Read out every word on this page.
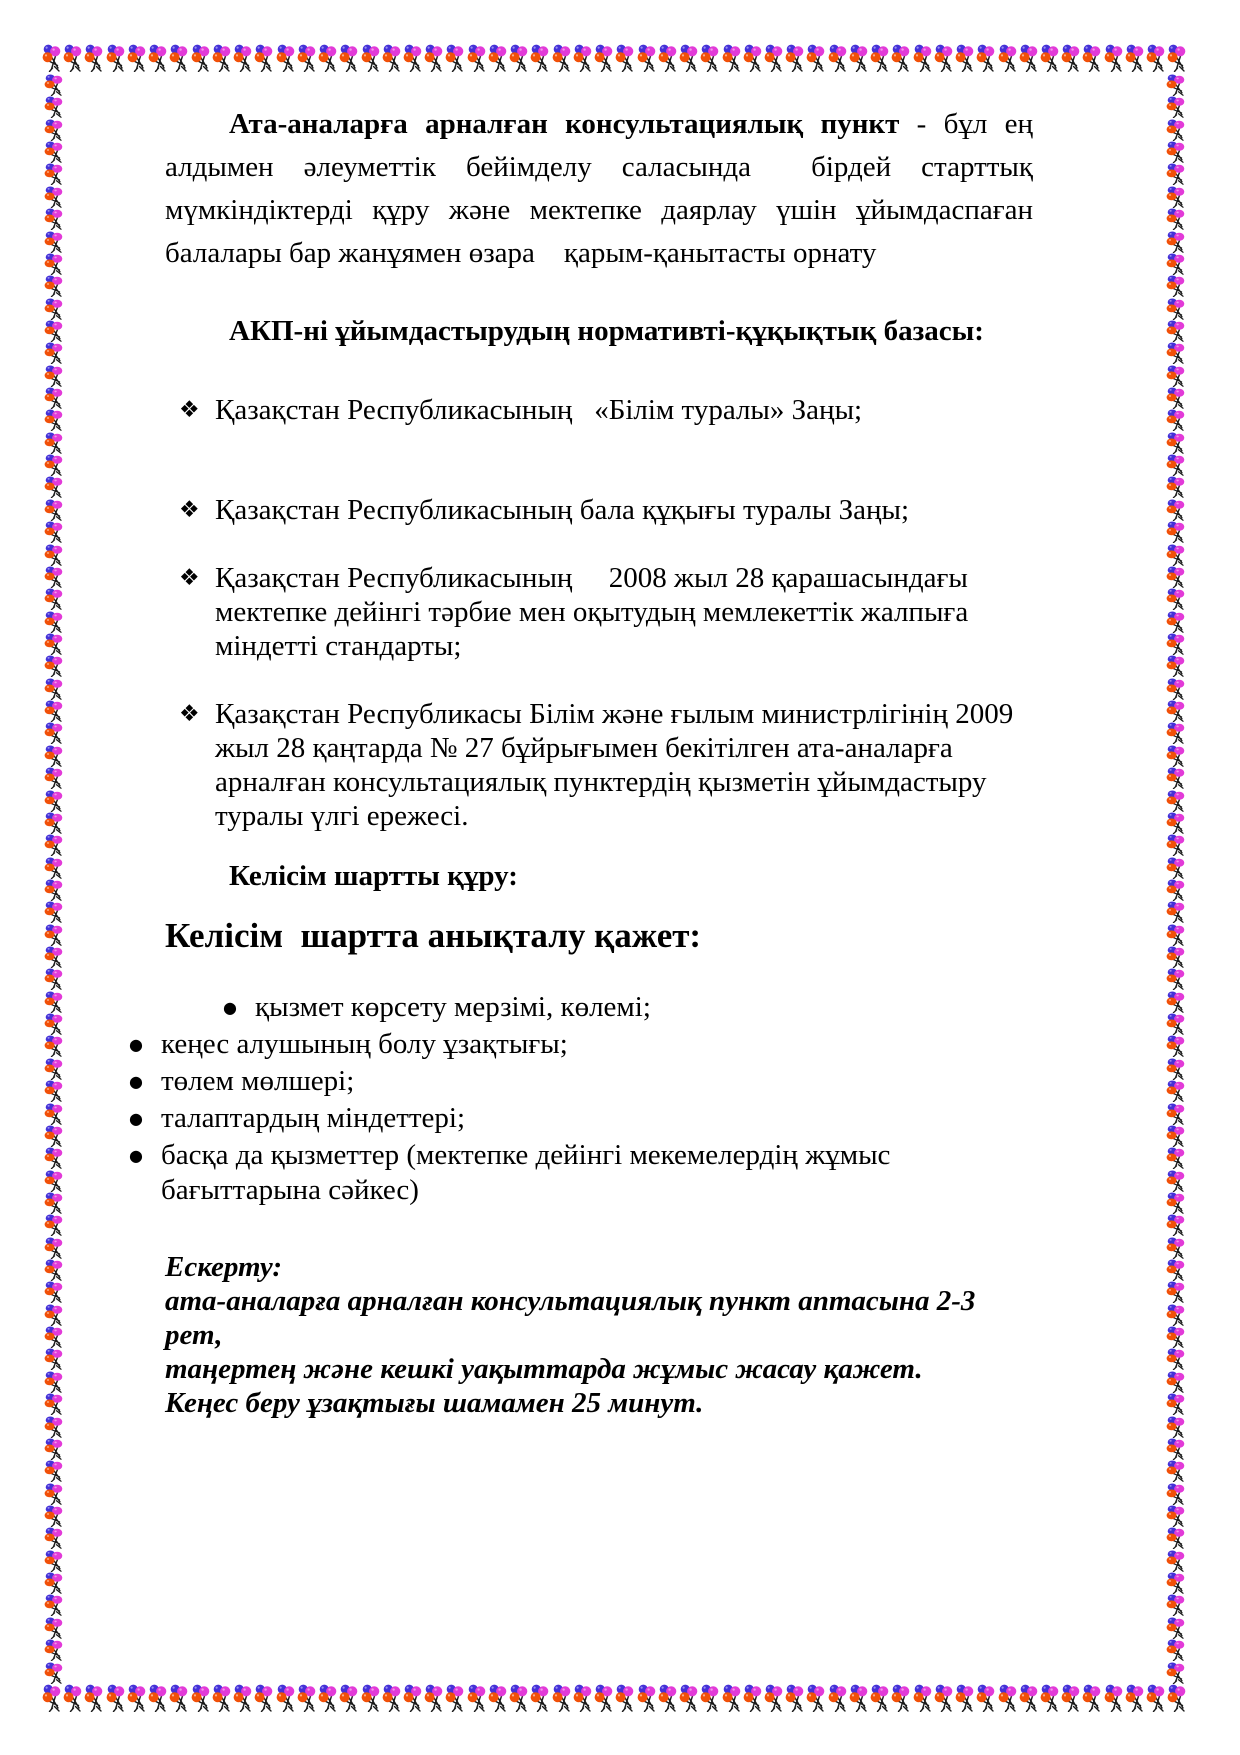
Ата-аналарға арналған консультациялық пункт - бұл ең алдымен әлеуметтік бейімделу саласында  бірдей старттық мүмкіндіктерді құру және мектепке даярлау үшін ұйымдаспаған балалары бар жанұямен өзара    қарым-қанытасты орнату

АКП-ні ұйымдастырудың нормативті-құқықтық базасы:

❖ Қазақстан Республикасының   «Білім туралы» Заңы;
❖ Қазақстан Республикасының бала құқығы туралы Заңы;
❖ Қазақстан Республикасының     2008 жыл 28 қарашасындағы мектепке дейінгі тәрбие мен оқытудың мемлекеттік жалпыға міндетті стандарты;
❖ Қазақстан Республикасы Білім және ғылым министрлігінің 2009 жыл 28 қаңтарда № 27 бұйрығымен бекітілген ата-аналарға арналған консультациялық пунктердің қызметін ұйымдастыру туралы үлгі ережесі.

Келісім шартты құру:

Келісім  шартта анықталу қажет:

● қызмет көрсету мерзімі, көлемі;
● кеңес алушының болу ұзақтығы;
● төлем мөлшері;
● талаптардың міндеттері;
● басқа да қызметтер (мектепке дейінгі мекемелердің жұмыс бағыттарына сәйкес)
Ескерту:
ата-аналарға арналған консультациялық пункт аптасына 2-3 рет,
таңертең және кешкі уақыттарда жұмыс жасау қажет.
Кеңес беру ұзақтығы шамамен 25 минут.
